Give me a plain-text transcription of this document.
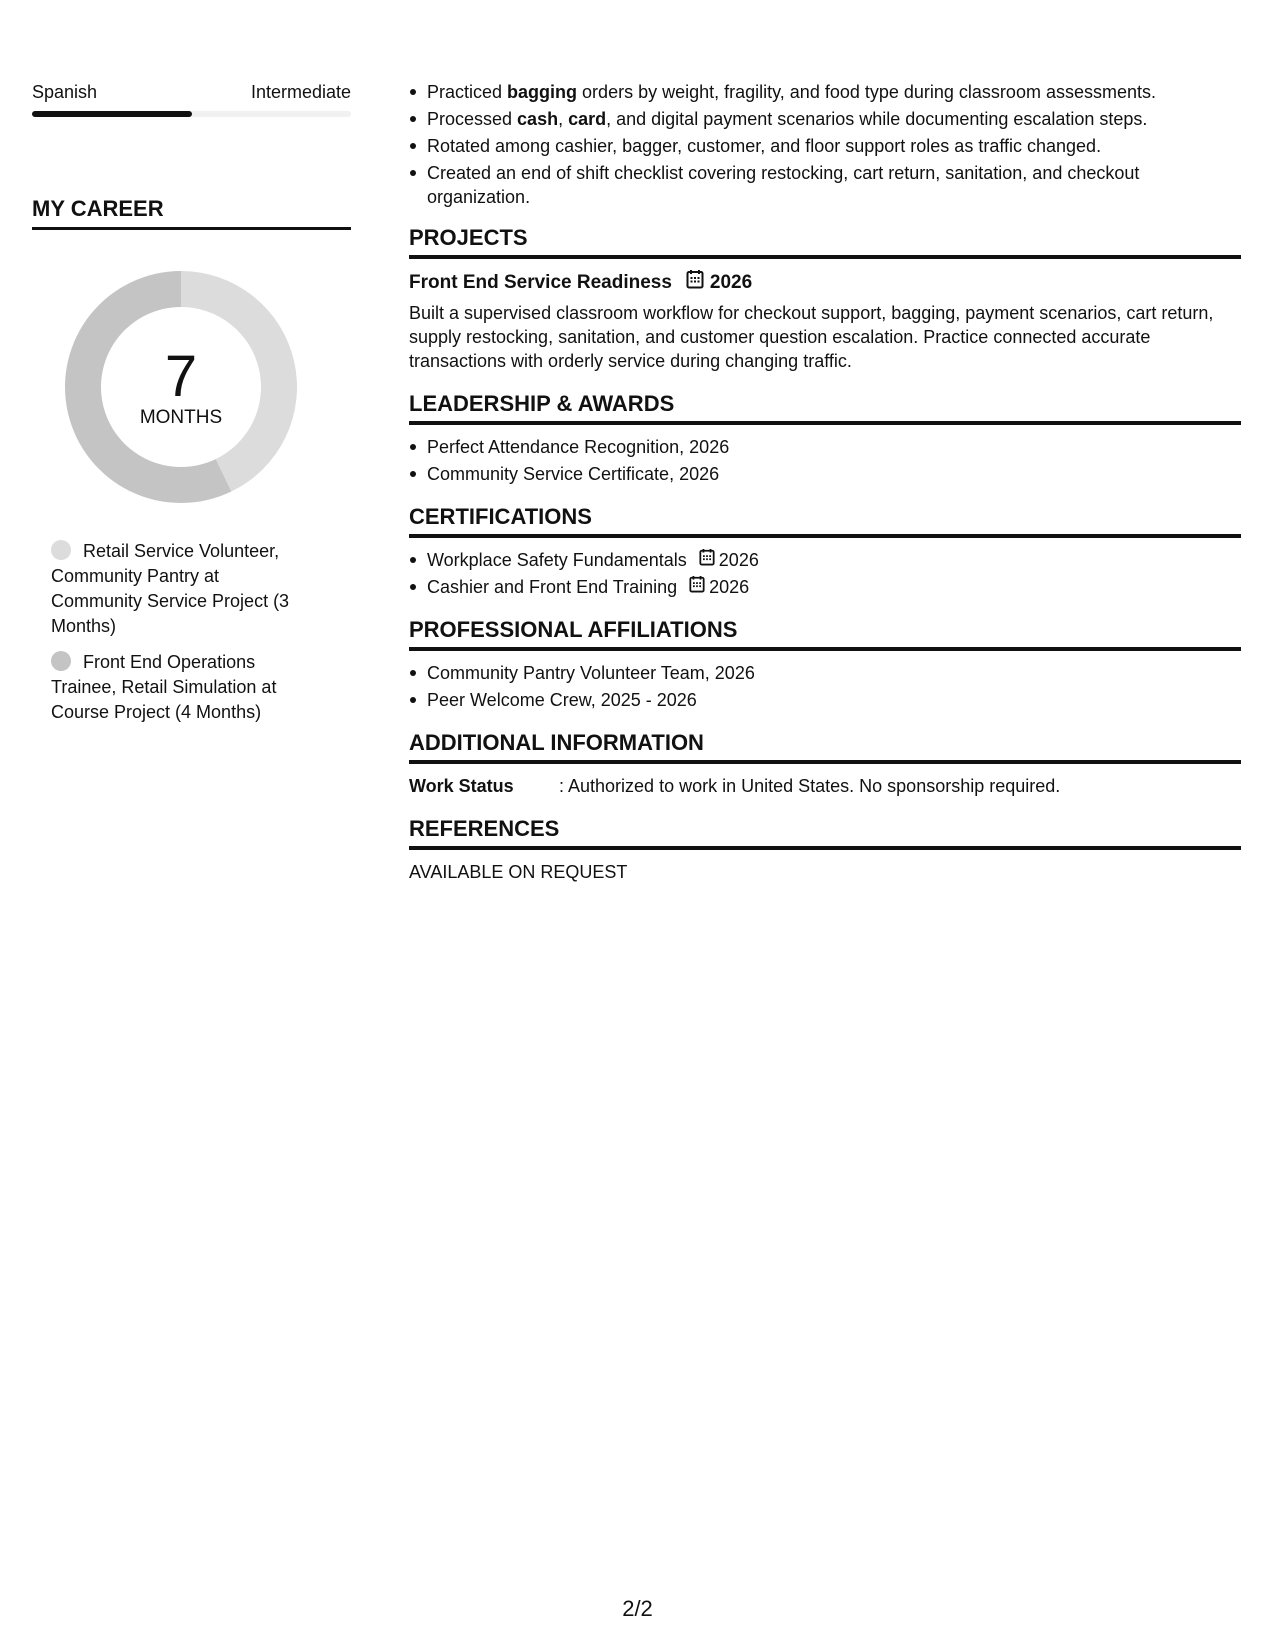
Spanish	Intermediate
MY CAREER
7
MONTHS
Retail Service Volunteer, Community Pantry at Community Service Project (3 Months)
Front End Operations Trainee, Retail Simulation at Course Project (4 Months)
Practiced bagging orders by weight, fragility, and food type during classroom assessments.
Processed cash, card, and digital payment scenarios while documenting escalation steps.
Rotated among cashier, bagger, customer, and floor support roles as traffic changed.
Created an end of shift checklist covering restocking, cart return, sanitation, and checkout organization.
PROJECTS
Front End Service Readiness 2026
Built a supervised classroom workflow for checkout support, bagging, payment scenarios, cart return, supply restocking, sanitation, and customer question escalation. Practice connected accurate transactions with orderly service during changing traffic.
LEADERSHIP & AWARDS
Perfect Attendance Recognition, 2026
Community Service Certificate, 2026
CERTIFICATIONS
Workplace Safety Fundamentals 2026
Cashier and Front End Training 2026
PROFESSIONAL AFFILIATIONS
Community Pantry Volunteer Team, 2026
Peer Welcome Crew, 2025 - 2026
ADDITIONAL INFORMATION
Work Status	: Authorized to work in United States. No sponsorship required.
REFERENCES
AVAILABLE ON REQUEST
2/2
